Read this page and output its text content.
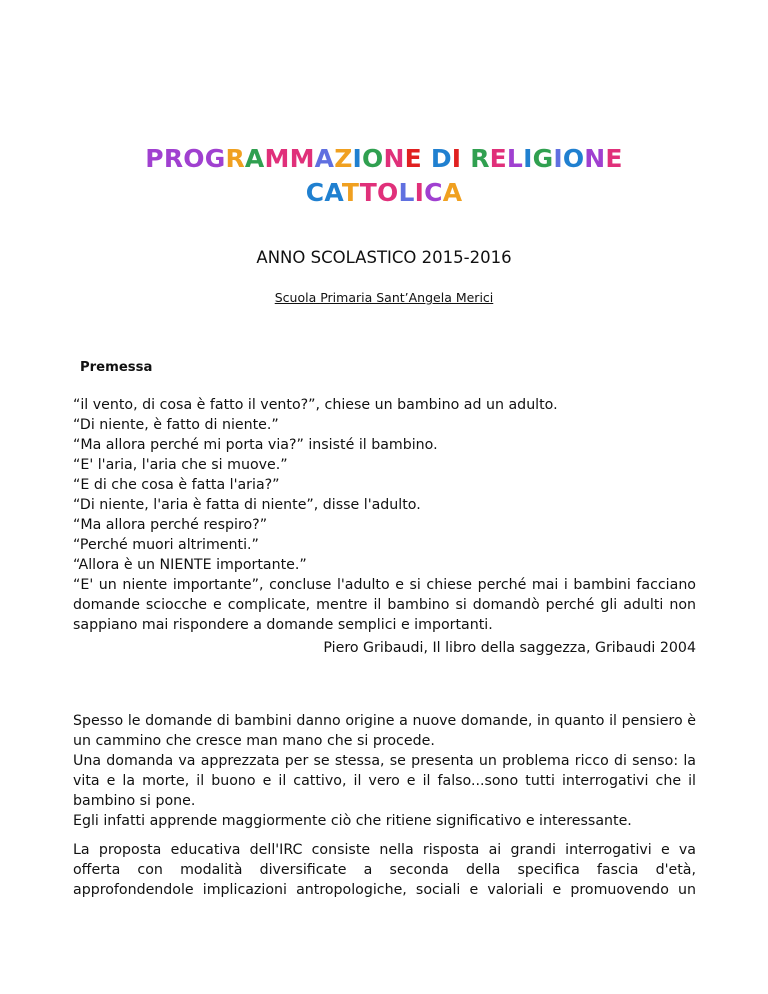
PROGRAMMAZIONE DI RELIGIONE
CATTOLICA
ANNO SCOLASTICO 2015-2016
Scuola Primaria Sant’Angela Merici
Premessa
“il vento, di cosa è fatto il vento?”, chiese un bambino ad un adulto.
“Di niente, è fatto di niente.”
“Ma allora perché mi porta via?” insisté il bambino.
“E' l'aria, l'aria che si muove.”
“E di che cosa è fatta l'aria?”
“Di niente, l'aria è fatta di niente”, disse l'adulto.
“Ma allora perché respiro?”
“Perché muori altrimenti.”
“Allora è un NIENTE importante.”
“E' un niente importante”, concluse l'adulto e si chiese perché mai i bambini facciano
domande sciocche e complicate, mentre il bambino si domandò perché gli adulti non
sappiano mai rispondere a domande semplici e importanti.
Piero Gribaudi, Il libro della saggezza, Gribaudi 2004
Spesso le domande di bambini danno origine a nuove domande, in quanto il pensiero è
un cammino che cresce man mano che si procede.
Una domanda va apprezzata per se stessa, se presenta un problema ricco di senso: la
vita e la morte, il buono e il cattivo, il vero e il falso...sono tutti interrogativi che il
bambino si pone.
Egli infatti apprende maggiormente ciò che ritiene significativo e interessante.
La proposta educativa dell'IRC consiste nella risposta ai grandi interrogativi e va
offerta con modalità diversificate a seconda della specifica fascia d'età,
approfondendole implicazioni antropologiche, sociali e valoriali e promuovendo un
